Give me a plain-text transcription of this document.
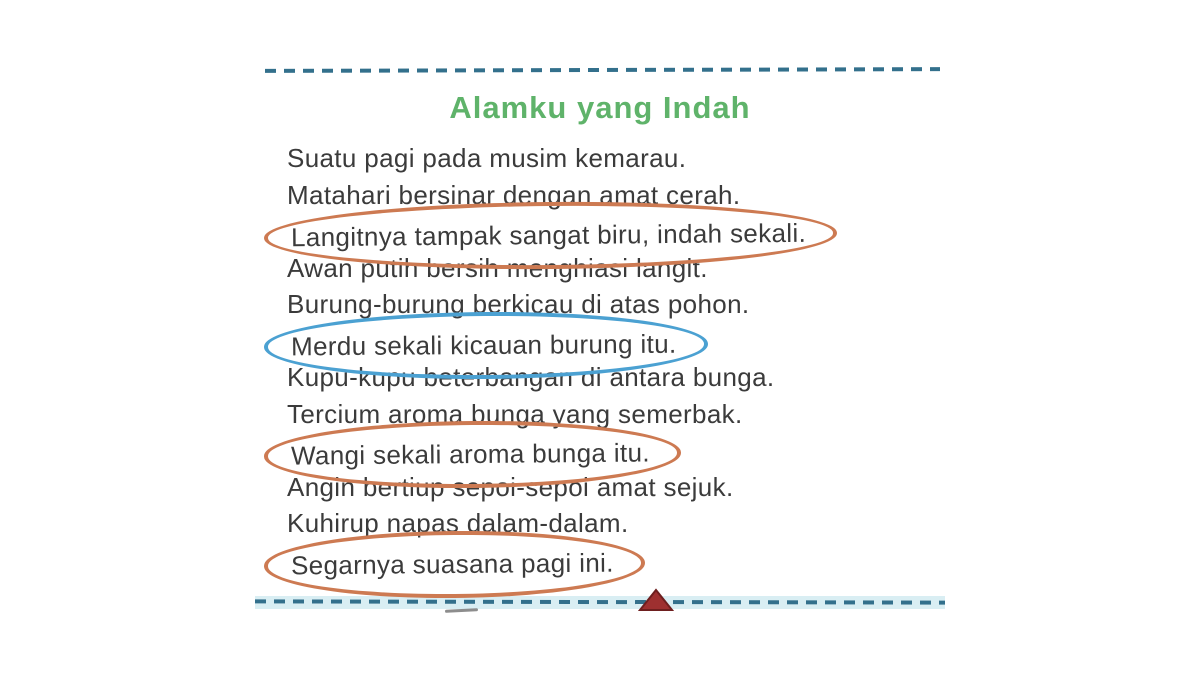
Alamku yang Indah
Suatu pagi pada musim kemarau.
Matahari bersinar dengan amat cerah.
Langitnya tampak sangat biru, indah sekali.
Awan putih bersih menghiasi langit.
Burung-burung berkicau di atas pohon.
Merdu sekali kicauan burung itu.
Kupu-kupu beterbangan di antara bunga.
Tercium aroma bunga yang semerbak.
Wangi sekali aroma bunga itu.
Angin bertiup sepoi-sepoi amat sejuk.
Kuhirup napas dalam-dalam.
Segarnya suasana pagi ini.
